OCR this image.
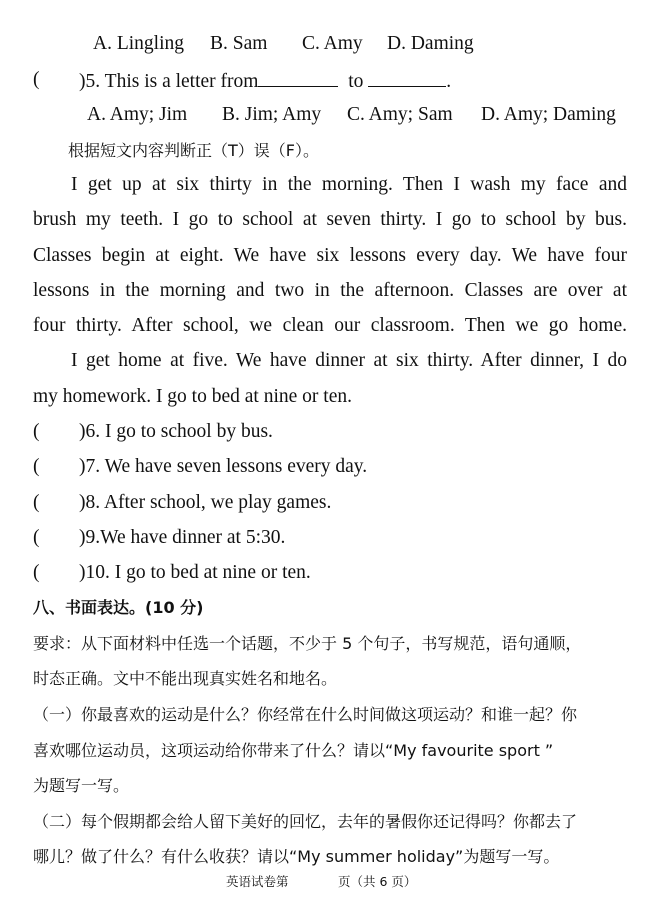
A. Lingling B. Sam C. Amy D. Daming
( )5. This is a letter from	to	.
A. Amy; Jim B. Jim; Amy C. Amy; Sam D. Amy; Daming
根据短文内容判断正（T）误（F）。
I get up at six thirty in the morning. Then I wash my face and
brush my teeth. I go to school at seven thirty. I go to school by bus.
Classes begin at eight. We have six lessons every day. We have four
lessons in the morning and two in the afternoon. Classes are over at
four thirty. After school, we clean our classroom. Then we go home.
I get home at five. We have dinner at six thirty. After dinner, I do
my homework. I go to bed at nine or ten.
( )6. I go to school by bus.
( )7. We have seven lessons every day.
( )8. After school, we play games.
( )9.We have dinner at 5:30.
( )10. I go to bed at nine or ten.
八、书面表达。(10 分)
要求：从下面材料中任选一个话题，不少于 5 个句子，书写规范，语句通顺，
时态正确。文中不能出现真实姓名和地名。
（一）你最喜欢的运动是什么？你经常在什么时间做这项运动？和谁一起？你
喜欢哪位运动员，这项运动给你带来了什么？请以“My favourite sport ”
为题写一写。
（二）每个假期都会给人留下美好的回忆，去年的暑假你还记得吗？你都去了
哪儿？做了什么？有什么收获？请以“My summer holiday”为题写一写。
英语试卷第	页（共 6 页）
